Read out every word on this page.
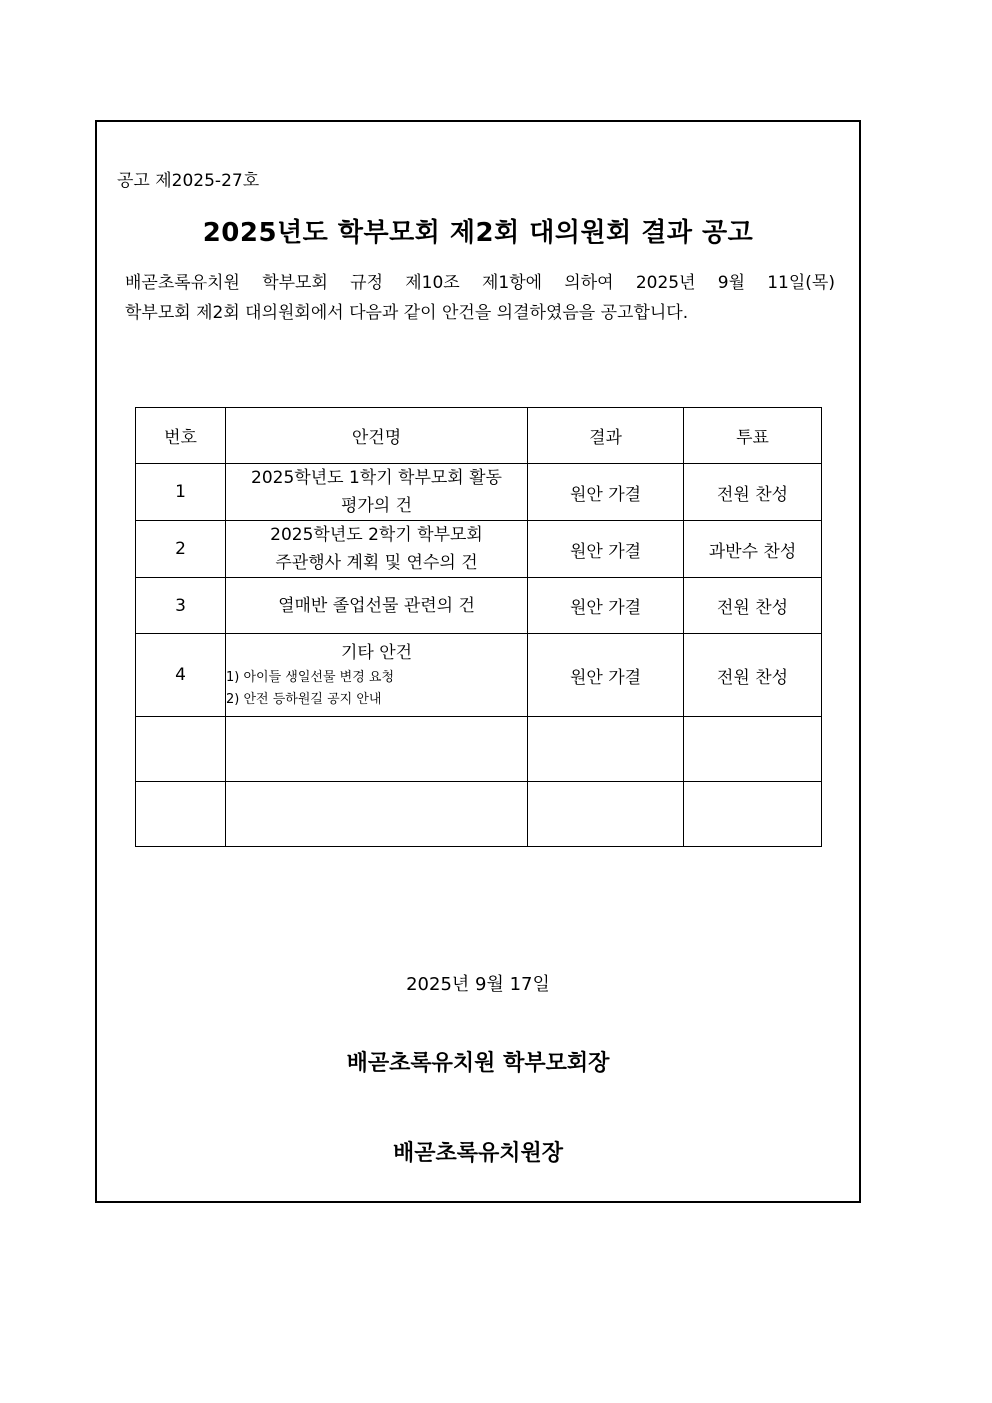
공고 제2025-27호
2025년도 학부모회 제2회 대의원회 결과 공고
배곧초록유치원 학부모회 규정 제10조 제1항에 의하여 2025년 9월 11일(목)
학부모회 제2회 대의원회에서 다음과 같이 안건을 의결하였음을 공고합니다.
번호	안건명	결과	투표
1	2025학년도 1학기 학부모회 활동
평가의 건	원안 가결	전원 찬성
2	2025학년도 2학기 학부모회
주관행사 계획 및 연수의 건	원안 가결	과반수 찬성
3	열매반 졸업선물 관련의 건	원안 가결	전원 찬성
4	기타 안건
1) 아이들 생일선물 변경 요청
2) 안전 등하원길 공지 안내	원안 가결	전원 찬성

2025년 9월 17일
배곧초록유치원 학부모회장
배곧초록유치원장
